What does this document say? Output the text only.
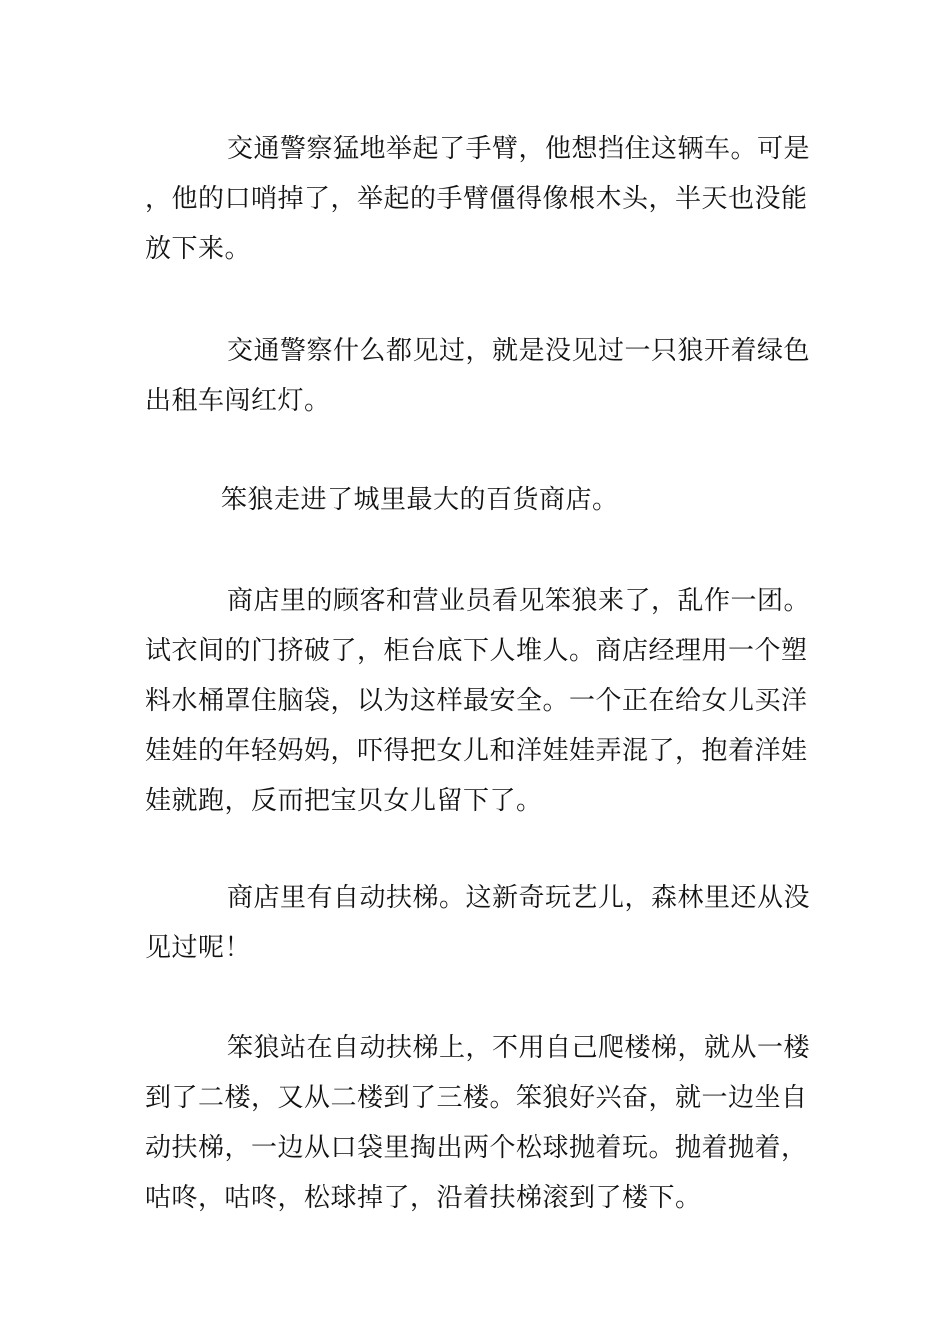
交通警察猛地举起了手臂，他想挡住这辆车。可是，他的口哨掉了，举起的手臂僵得像根木头，半天也没能放下来。

交通警察什么都见过，就是没见过一只狼开着绿色出租车闯红灯。

笨狼走进了城里最大的百货商店。

商店里的顾客和营业员看见笨狼来了，乱作一团。试衣间的门挤破了，柜台底下人堆人。商店经理用一个塑料水桶罩住脑袋，以为这样最安全。一个正在给女儿买洋娃娃的年轻妈妈，吓得把女儿和洋娃娃弄混了，抱着洋娃娃就跑，反而把宝贝女儿留下了。

商店里有自动扶梯。这新奇玩艺儿，森林里还从没见过呢！

笨狼站在自动扶梯上，不用自己爬楼梯，就从一楼到了二楼，又从二楼到了三楼。笨狼好兴奋，就一边坐自动扶梯，一边从口袋里掏出两个松球抛着玩。抛着抛着，咕咚，咕咚，松球掉了，沿着扶梯滚到了楼下。
